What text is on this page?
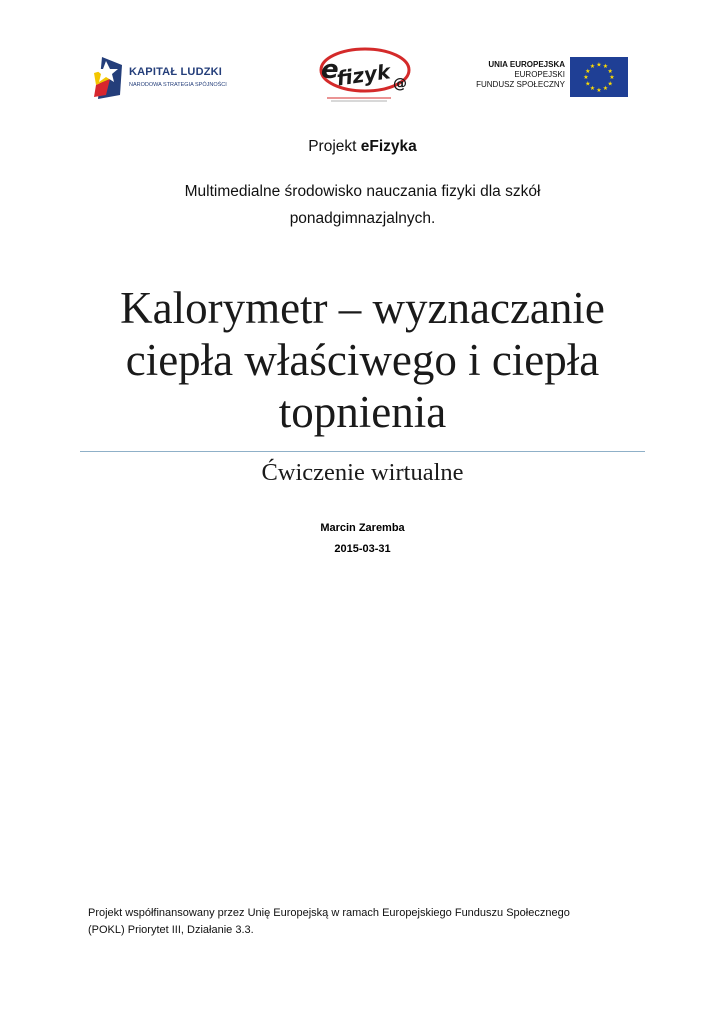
KAPITAŁ LUDZKI
NARODOWA STRATEGIA SPÓJNOŚCI	e
fizyk @
UNIA EUROPEJSKA
EUROPEJSKI
FUNDUSZ SPOŁECZNY
★ ★
★
★
★
★
★
★
★
★
★
★
Projekt eFizyka
Multimedialne środowisko nauczania fizyki dla szkół
ponadgimnazjalnych.
Kalorymetr – wyznaczanie
ciepła właściwego i ciepła
topnienia
Ćwiczenie wirtualne
Marcin Zaremba
2015-03-31
Projekt współfinansowany przez Unię Europejską w ramach Europejskiego Funduszu Społecznego
(POKL) Priorytet III, Działanie 3.3.
